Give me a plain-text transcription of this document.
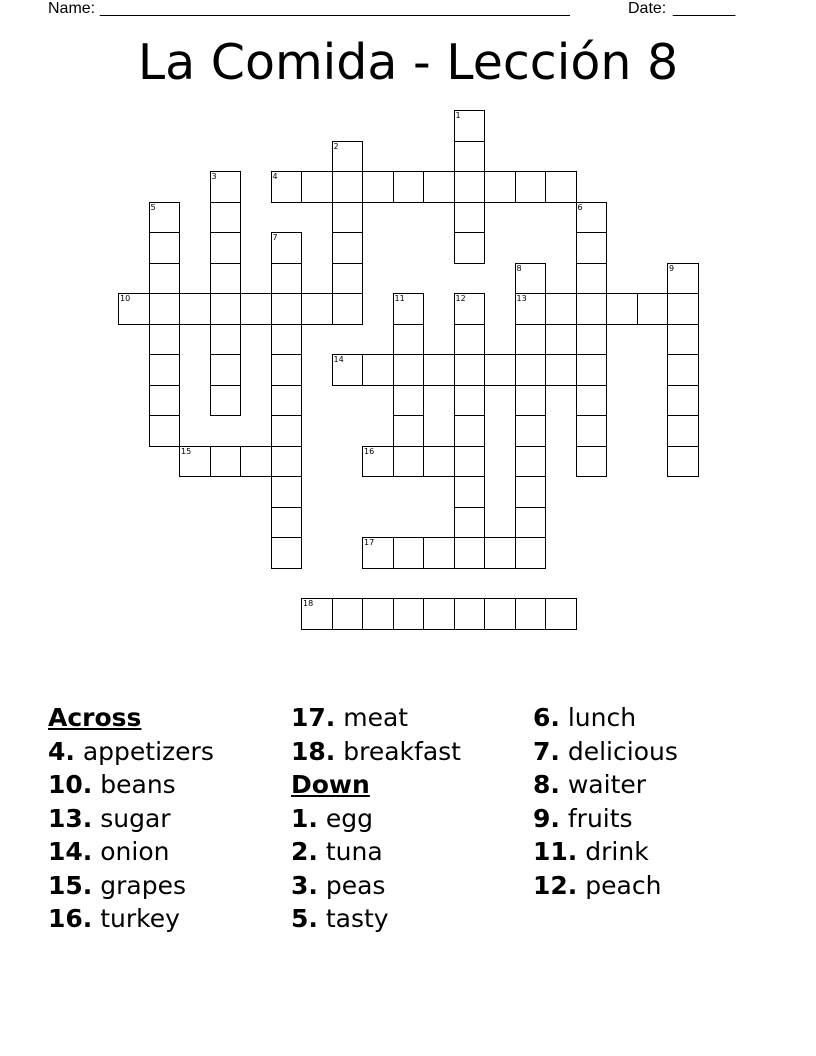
Name: ______________________________________________________	Date: _______
La Comida - Lección 8
1
2
3	4
5	6
7
8	9
10	11	12	13
14
15	16
17
18
Across
4. appetizers
10. beans
13. sugar
14. onion
15. grapes
16. turkey
17. meat
18. breakfast
Down
1. egg
2. tuna
3. peas
5. tasty
6. lunch
7. delicious
8. waiter
9. fruits
11. drink
12. peach
